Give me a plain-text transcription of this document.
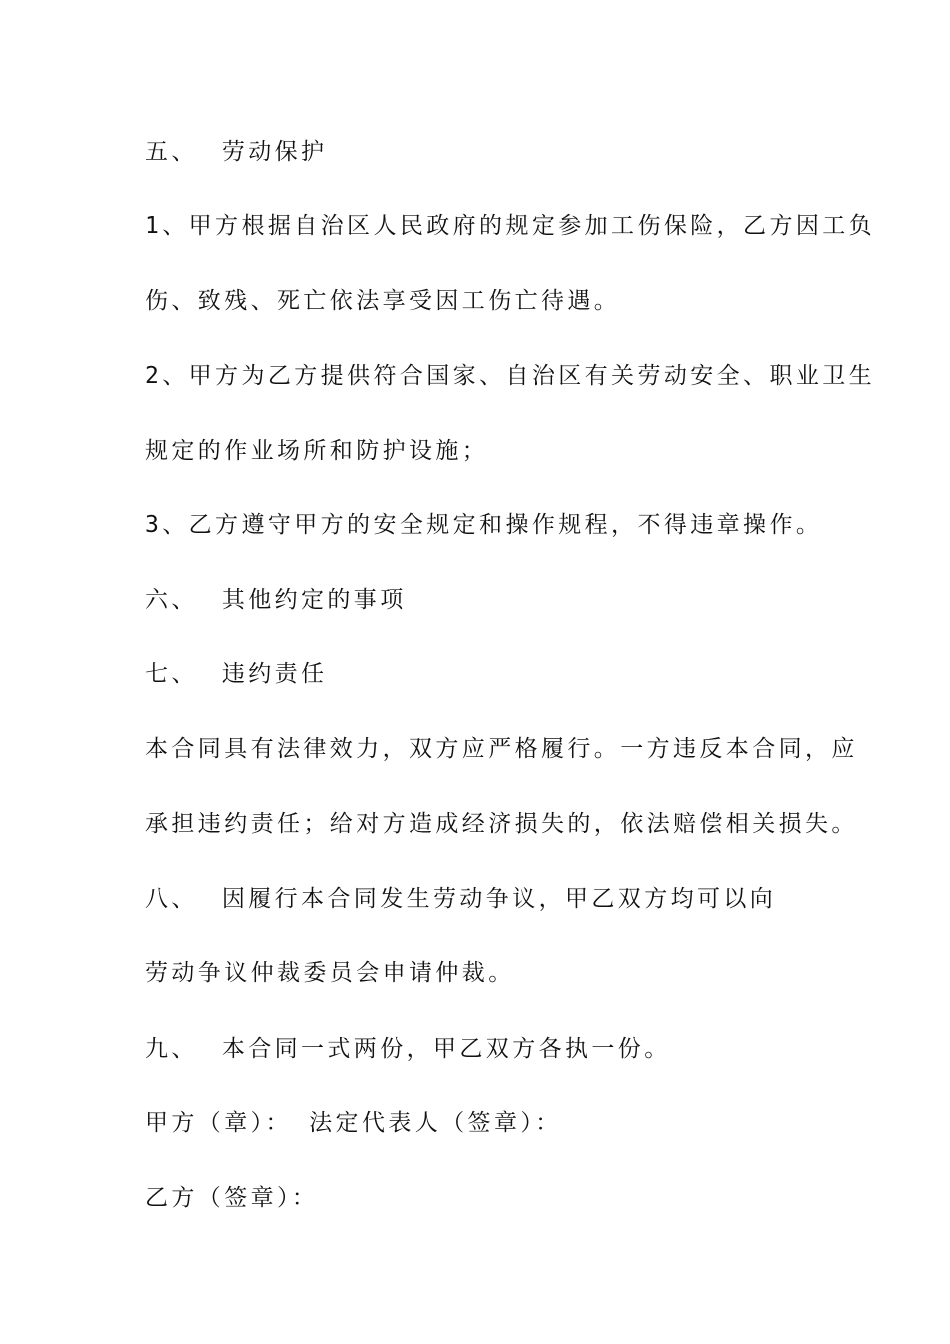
五、 劳动保护
1、甲方根据自治区人民政府的规定参加工伤保险，乙方因工负
伤、致残、死亡依法享受因工伤亡待遇。
2、甲方为乙方提供符合国家、自治区有关劳动安全、职业卫生
规定的作业场所和防护设施；
3、乙方遵守甲方的安全规定和操作规程，不得违章操作。
六、 其他约定的事项
七、 违约责任
本合同具有法律效力，双方应严格履行。一方违反本合同，应
承担违约责任；给对方造成经济损失的，依法赔偿相关损失。
八、 因履行本合同发生劳动争议，甲乙双方均可以向
劳动争议仲裁委员会申请仲裁。
九、 本合同一式两份，甲乙双方各执一份。
甲方（章）： 法定代表人（签章）：
乙方（签章）：
